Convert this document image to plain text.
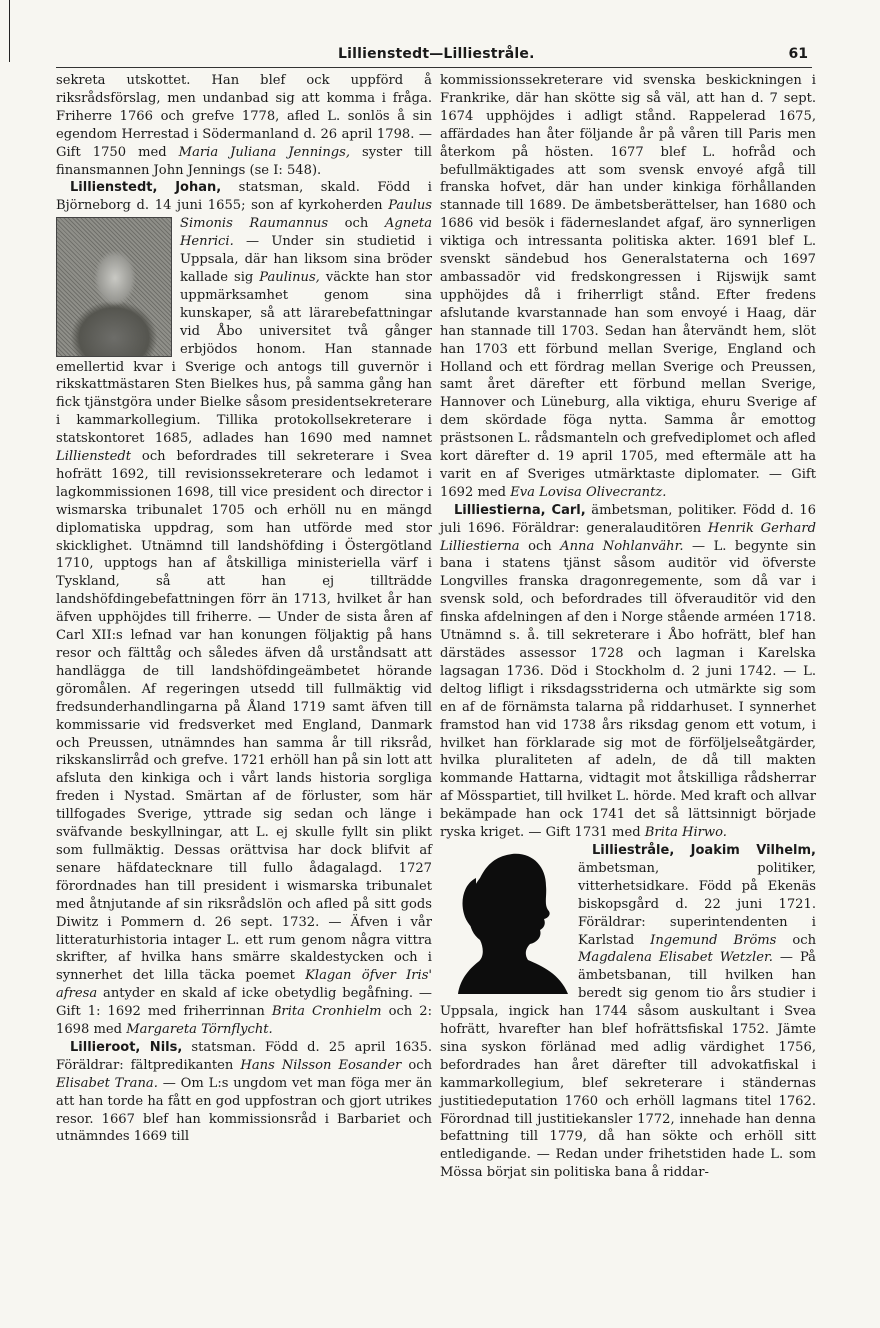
Lillienstedt—Lilliestråle.	61

sekreta utskottet. Han blef ock uppförd å riksrådsförslag, men undanbad sig att komma i fråga. Friherre 1766 och grefve 1778, afled L. sonlös å sin egendom Herrestad i Södermanland d. 26 april 1798. — Gift 1750 med Maria Juliana Jennings, syster till finansmannen John Jennings (se I: 548).

Lillienstedt, Johan, statsman, skald. Född i Björneborg d. 14 juni 1655; son af kyrkoherden
Paulus Simonis Raumannus och Agneta Henrici. — Under sin studietid i Uppsala, där han liksom sina bröder kallade sig Paulinus, väckte han stor uppmärksamhet genom sina kunskaper, så att lärarebefattningar vid Åbo universitet två gånger erbjödos honom. Han stannade emellertid kvar i Sverige och antogs till guvernör i rikskattmästaren Sten Bielkes hus, på samma gång han fick tjänstgöra under Bielke såsom presidentsekreterare i kammarkollegium. Tillika protokollsekreterare i statskontoret 1685, adlades han 1690 med namnet Lillienstedt och befordrades till sekreterare i Svea hofrätt 1692, till revisionssekreterare och ledamot i lagkommissionen 1698, till vice president och director i wismarska tribunalet 1705 och erhöll nu en mängd diplomatiska uppdrag, som han utförde med stor skicklighet. Utnämnd till landshöfding i Östergötland 1710, upptogs han af åtskilliga ministeriella värf i Tyskland, så att han ej tillträdde landshöfdingebefattningen förr än 1713, hvilket år han äfven upphöjdes till friherre. — Under de sista åren af Carl XII:s lefnad var han konungen följaktig på hans resor och fälttåg och således äfven då urståndsatt att handlägga de till landshöfdingeämbetet hörande göromålen. Af regeringen utsedd till fullmäktig vid fredsunderhandlingarna på Åland 1719 samt äfven till kommissarie vid fredsverket med England, Danmark och Preussen, utnämndes han samma år till riksråd, rikskanslirråd och grefve. 1721 erhöll han på sin lott att afsluta den kinkiga och i vårt lands historia sorgliga freden i Nystad. Smärtan af de förluster, som här tillfogades Sverige, yttrade sig sedan och länge i sväfvande beskyllningar, att L. ej skulle fyllt sin plikt som fullmäktig. Dessas orättvisa har dock blifvit af senare häfdatecknare till fullo ådagalagd. 1727 förordnades han till president i wismarska tribunalet med åtnjutande af sin riksrådslön och afled på sitt gods Diwitz i Pommern d. 26 sept. 1732. — Äfven i vår litteraturhistoria intager L. ett rum genom några vittra skrifter, af hvilka hans smärre skaldestycken och i synnerhet det lilla täcka poemet Klagan öfver Iris' afresa antyder en skald af icke obetydlig begåfning. — Gift 1: 1692 med friherrinnan Brita Cronhielm och 2: 1698 med Margareta Törnflycht.

Lillieroot, Nils, statsman. Född d. 25 april 1635. Föräldrar: fältpredikanten Hans Nilsson Eosander och Elisabet Trana. — Om L:s ungdom vet man föga mer än att han torde ha fått en god uppfostran och gjort utrikes resor. 1667 blef han kommissionsråd i Barbariet och utnämndes 1669 till

kommissionssekreterare vid svenska beskickningen i Frankrike, där han skötte sig så väl, att han d. 7 sept. 1674 upphöjdes i adligt stånd. Rappelerad 1675, affärdades han åter följande år på våren till Paris men återkom på hösten. 1677 blef L. hofråd och befullmäktigades att som svensk envoyé afgå till franska hofvet, där han under kinkiga förhållanden stannade till 1689. De ämbetsberättelser, han 1680 och 1686 vid besök i fäderneslandet afgaf, äro synnerligen viktiga och intressanta politiska akter. 1691 blef L. svenskt sändebud hos Generalstaterna och 1697 ambassadör vid fredskongressen i Rijswijk samt upphöjdes då i friherrligt stånd. Efter fredens afslutande kvarstannade han som envoyé i Haag, där han stannade till 1703. Sedan han återvändt hem, slöt han 1703 ett förbund mellan Sverige, England och Holland och ett fördrag mellan Sverige och Preussen, samt året därefter ett förbund mellan Sverige, Hannover och Lüneburg, alla viktiga, ehuru Sverige af dem skördade föga nytta. Samma år emottog prästsonen L. rådsmanteln och grefvediplomet och afled kort därefter d. 19 april 1705, med eftermäle att ha varit en af Sveriges utmärktaste diplomater. — Gift 1692 med Eva Lovisa Olivecrantz.

Lilliestierna, Carl, ämbetsman, politiker. Född d. 16 juli 1696. Föräldrar: generalauditören Henrik Gerhard Lilliestierna och Anna Nohlanvähr. — L. begynte sin bana i statens tjänst såsom auditör vid öfverste Longvilles franska dragonregemente, som då var i svensk sold, och befordrades till öfverauditör vid den finska afdelningen af den i Norge stående arméen 1718. Utnämnd s. å. till sekreterare i Åbo hofrätt, blef han därstädes assessor 1728 och lagman i Karelska lagsagan 1736. Död i Stockholm d. 2 juni 1742. — L. deltog lifligt i riksdagsstriderna och utmärkte sig som en af de förnämsta talarna på riddarhuset. I synnerhet framstod han vid 1738 års riksdag genom ett votum, i hvilket han förklarade sig mot de förföljelseåtgärder, hvilka pluraliteten af adeln, de då till makten kommande Hattarna, vidtagit mot åtskilliga rådsherrar af Mösspartiet, till hvilket L. hörde. Med kraft och allvar bekämpade han ock 1741 det så lättsinnigt började ryska kriget. — Gift 1731 med Brita Hirwo.

Lilliestråle, Joakim Vilhelm, ämbetsman, politiker, vitterhetsidkare. Född på Ekenäs biskopsgård d. 22 juni 1721. Föräldrar: superintendenten i Karlstad Ingemund Bröms och Magdalena Elisabet Wetzler. — På ämbetsbanan, till hvilken han beredt sig genom tio års studier i Uppsala, ingick han 1744 såsom auskultant i Svea hofrätt, hvarefter han blef hofrättsfiskal 1752. Jämte sina syskon förlänad med adlig värdighet 1756, befordrades han året därefter till advokatfiskal i kammarkollegium, blef sekreterare i ständernas justitiedeputation 1760 och erhöll lagmans titel 1762. Förordnad till justitiekansler 1772, innehade han denna befattning till 1779, då han sökte och erhöll sitt entledigande. — Redan under frihetstiden hade L. som Mössa börjat sin politiska bana å riddar-
